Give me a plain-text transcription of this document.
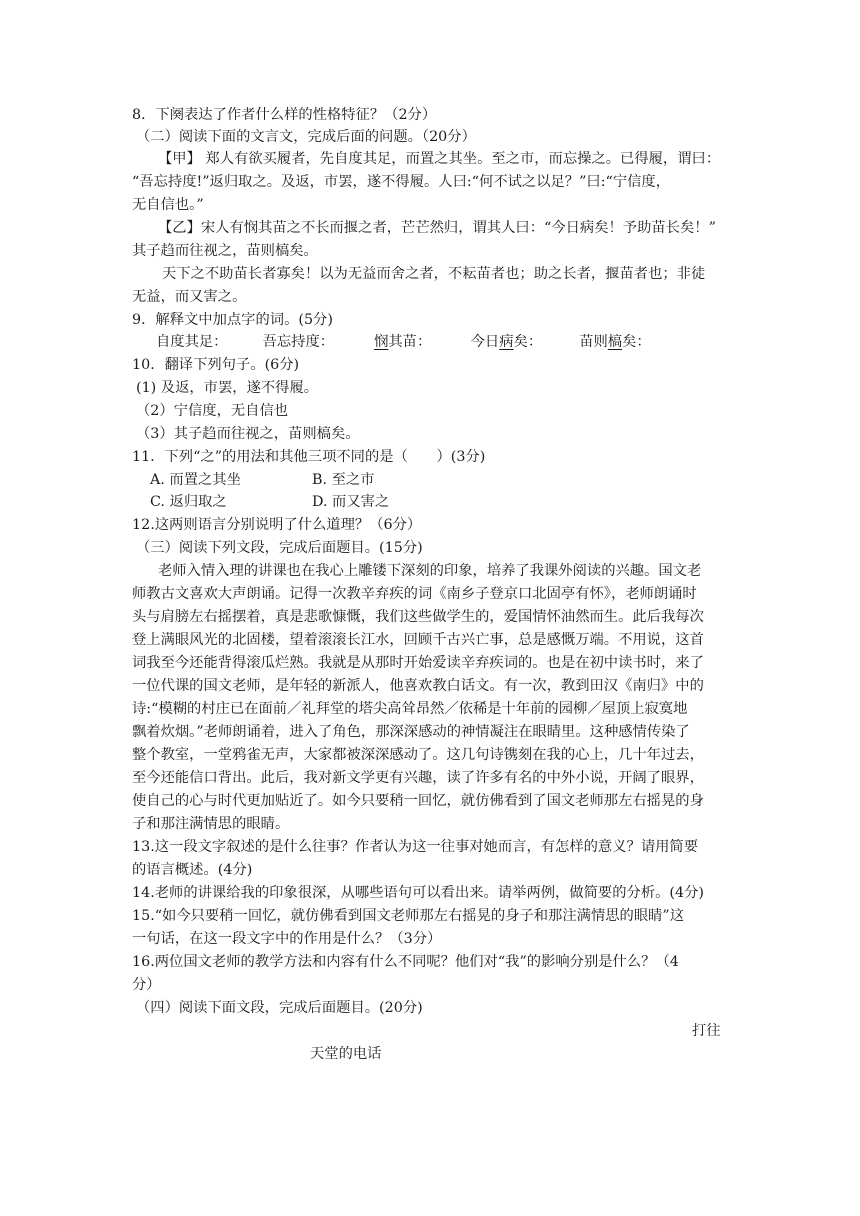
8．下阕表达了作者什么样的性格特征？（2分）
（二）阅读下面的文言文，完成后面的问题。（20分）
【甲】 郑人有欲买履者，先自度其足，而置之其坐。至之市，而忘操之。已得履，谓曰：
“吾忘持度!”返归取之。及返，市罢，遂不得履。人曰:“何不试之以足？”曰:“宁信度，
无自信也。”
【乙】宋人有悯其苗之不长而揠之者，芒芒然归，谓其人曰：“今日病矣！予助苗长矣！”
其子趋而往视之，苗则槁矣。
天下之不助苗长者寡矣！以为无益而舍之者，不耘苗者也；助之长者，揠苗者也；非徒
无益，而又害之。
9．解释文中加点字的词。(5分)
自度其足： 吾忘持度：	悯其苗：	今日病矣：	苗则槁矣：
10．翻译下列句子。(6分)
(1) 及返，市罢，遂不得履。
（2）宁信度，无自信也
（3）其子趋而往视之，苗则槁矣。
11．下列“之”的用法和其他三项不同的是（　　）(3分)
A. 而置之其坐	B. 至之市
C. 返归取之	D. 而又害之
12.这两则语言分别说明了什么道理？（6分）
（三）阅读下列文段，完成后面题目。(15分)
老师入情入理的讲课也在我心上雕镂下深刻的印象，培养了我课外阅读的兴趣。国文老
师教古文喜欢大声朗诵。记得一次教辛弃疾的词《南乡子登京口北固亭有怀》，老师朗诵时
头与肩膀左右摇摆着，真是悲歌慷慨，我们这些做学生的，爱国情怀油然而生。此后我每次
登上满眼风光的北固楼，望着滚滚长江水，回顾千古兴亡事，总是感慨万端。不用说，这首
词我至今还能背得滚瓜烂熟。我就是从那时开始爱读辛弃疾词的。也是在初中读书时，来了
一位代课的国文老师，是年轻的新派人，他喜欢教白话文。有一次，教到田汉《南归》中的
诗:“模糊的村庄已在面前／礼拜堂的塔尖高耸昂然／依稀是十年前的园柳／屋顶上寂寞地
飘着炊烟。”老师朗诵着，进入了角色，那深深感动的神情凝注在眼睛里。这种感情传染了
整个教室，一堂鸦雀无声，大家都被深深感动了。这几句诗镌刻在我的心上，几十年过去，
至今还能信口背出。此后，我对新文学更有兴趣，读了许多有名的中外小说，开阔了眼界，
使自己的心与时代更加贴近了。如今只要稍一回忆，就仿佛看到了国文老师那左右摇晃的身
子和那注满情思的眼睛。
13.这一段文字叙述的是什么往事？作者认为这一往事对她而言，有怎样的意义？请用简要
的语言概述。(4分)
14.老师的讲课给我的印象很深，从哪些语句可以看出来。请举两例，做简要的分析。(4分)
15.“如今只要稍一回忆，就仿佛看到国文老师那左右摇晃的身子和那注满情思的眼睛”这
一句话，在这一段文字中的作用是什么？（3分）
16.两位国文老师的教学方法和内容有什么不同呢？他们对“我”的影响分别是什么？（4
分）
（四）阅读下面文段，完成后面题目。(20分)
打往
天堂的电话
